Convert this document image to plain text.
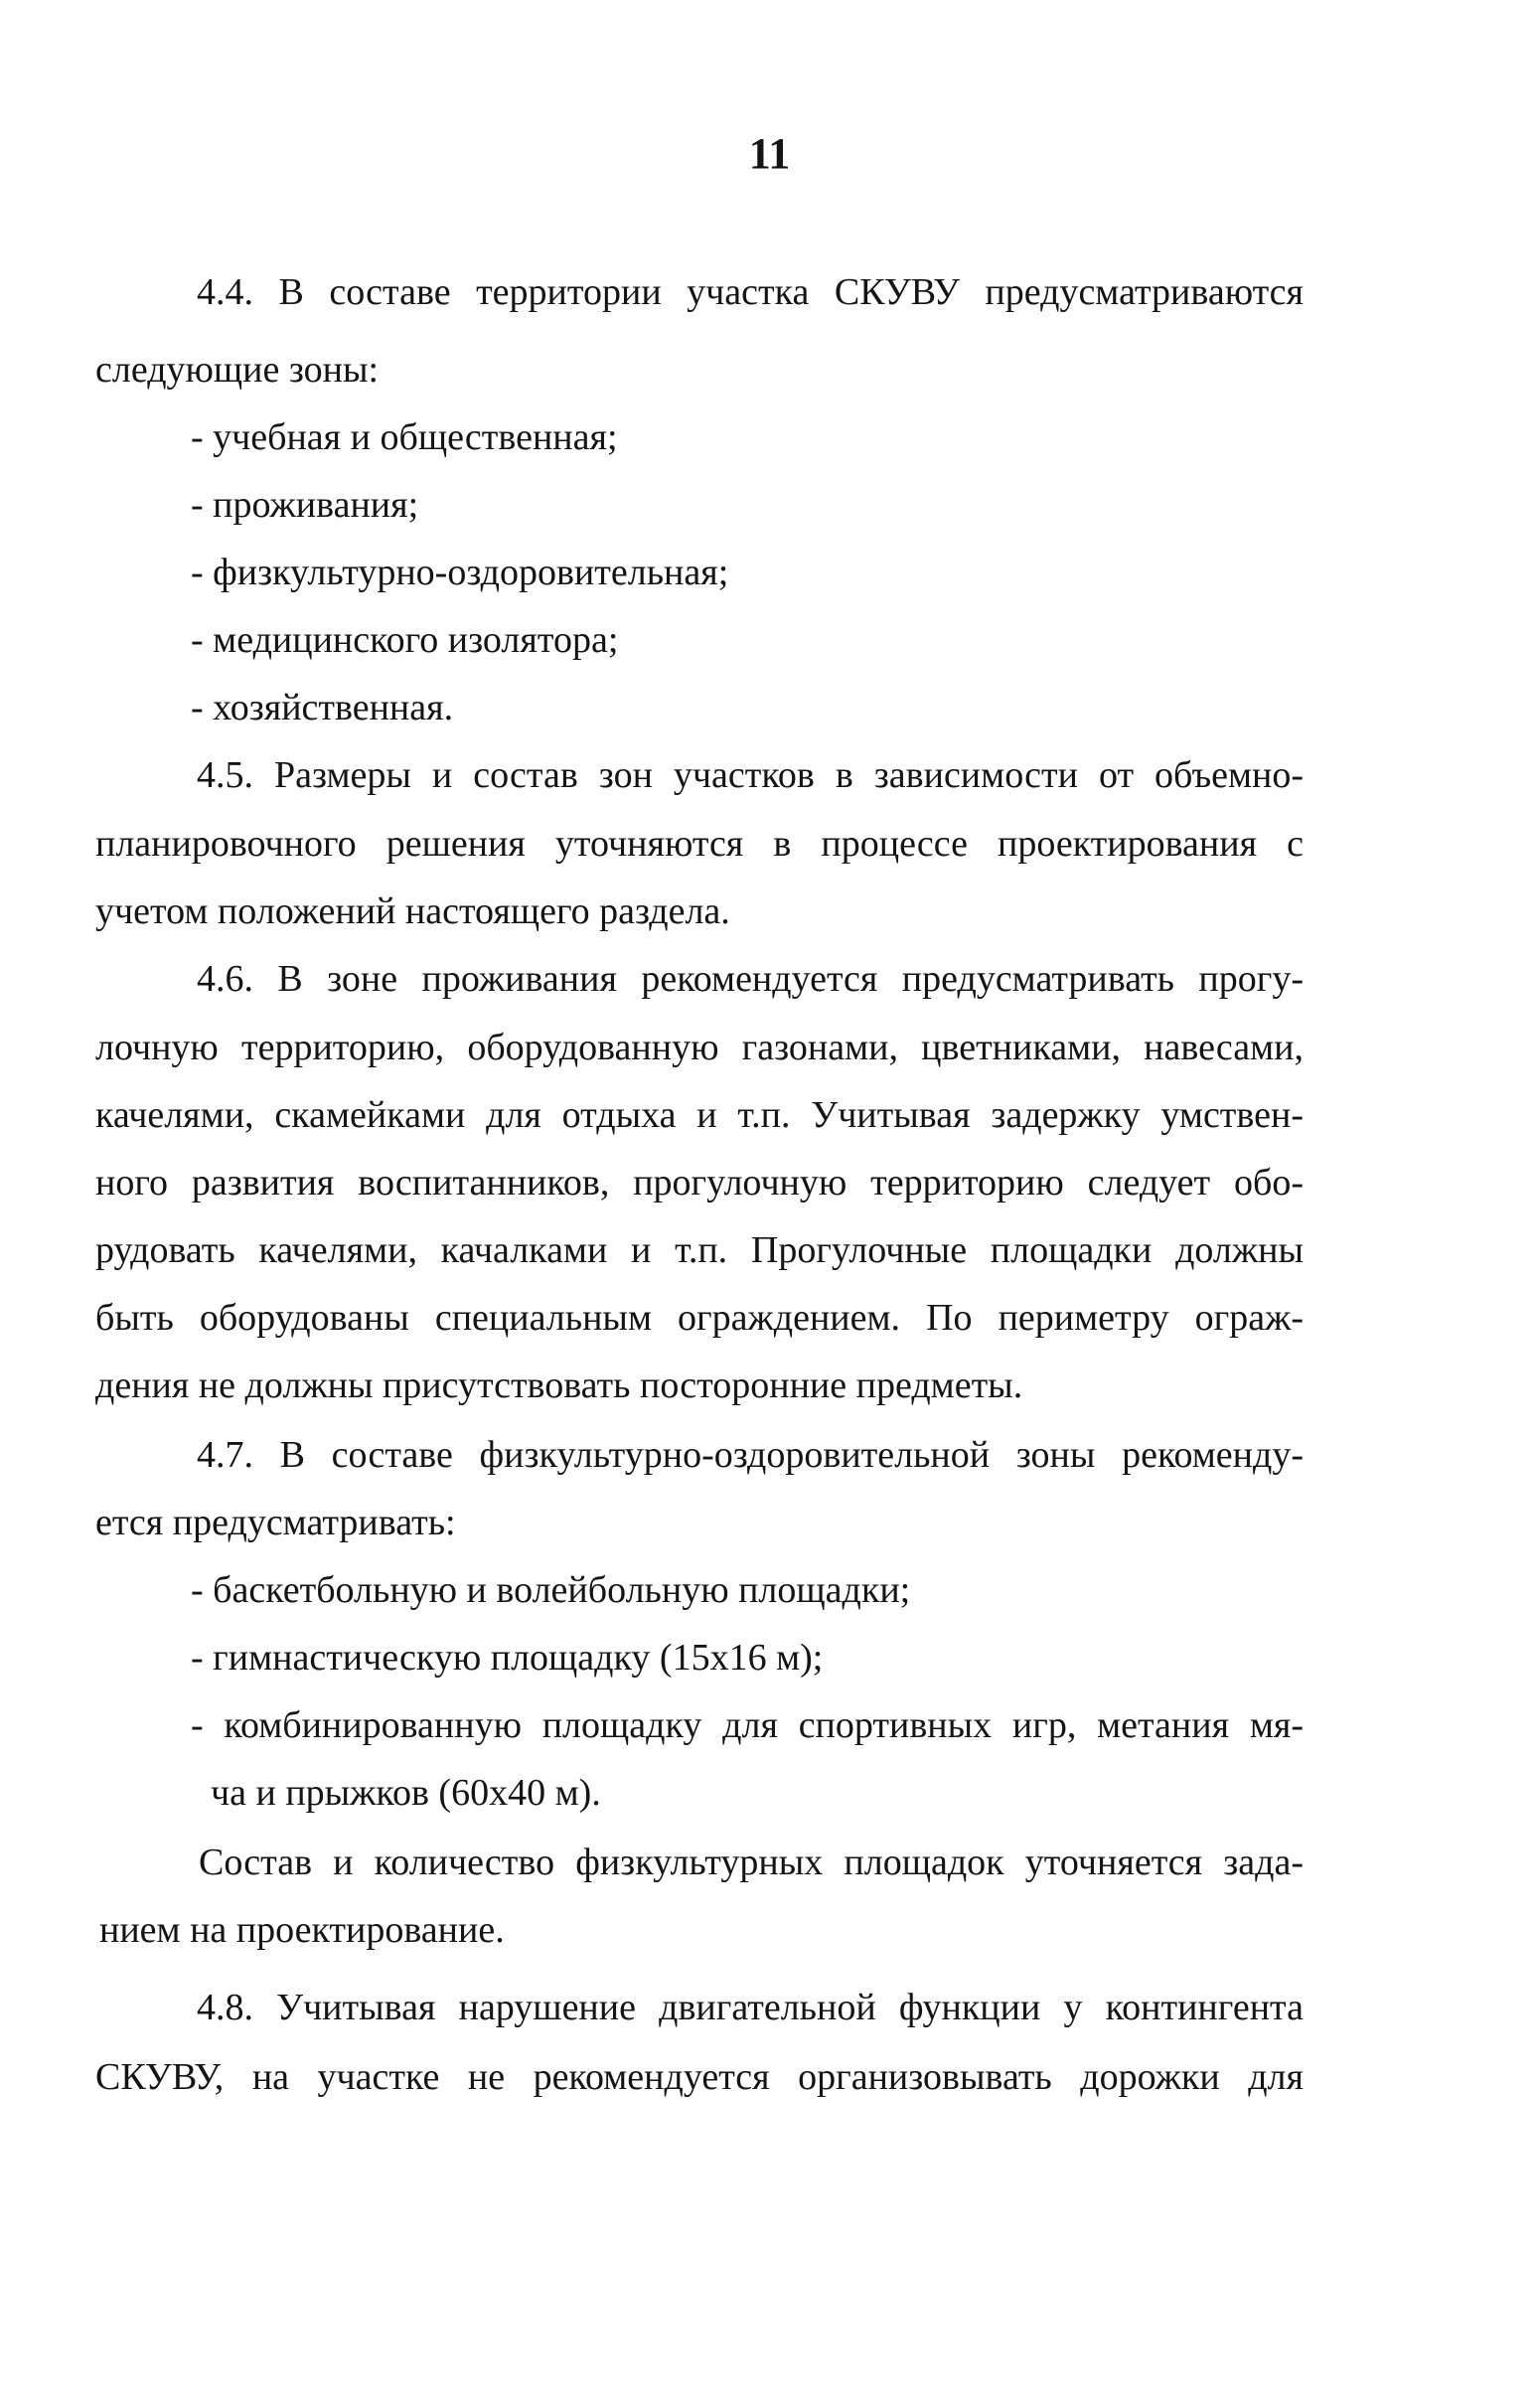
11
4.4. В составе территории участка СКУВУ предусматриваются
следующие зоны:
- учебная и общественная;
- проживания;
- физкультурно-оздоровительная;
- медицинского изолятора;
- хозяйственная.
4.5. Размеры и состав зон участков в зависимости от объемно-
планировочного решения уточняются в процессе проектирования с
учетом положений настоящего раздела.
4.6. В зоне проживания рекомендуется предусматривать прогу-
лочную территорию, оборудованную газонами, цветниками, навесами,
качелями, скамейками для отдыха и т.п. Учитывая задержку умствен-
ного развития воспитанников, прогулочную территорию следует обо-
рудовать качелями, качалками и т.п. Прогулочные площадки должны
быть оборудованы специальным ограждением. По периметру ограж-
дения не должны присутствовать посторонние предметы.
4.7. В составе физкультурно-оздоровительной зоны рекоменду-
ется предусматривать:
- баскетбольную и волейбольную площадки;
- гимнастическую площадку (15х16 м);
- комбинированную площадку для спортивных игр, метания мя-
ча и прыжков (60х40 м).
Состав и количество физкультурных площадок уточняется зада-
нием на проектирование.
4.8. Учитывая нарушение двигательной функции у контингента
СКУВУ, на участке не рекомендуется организовывать дорожки для
